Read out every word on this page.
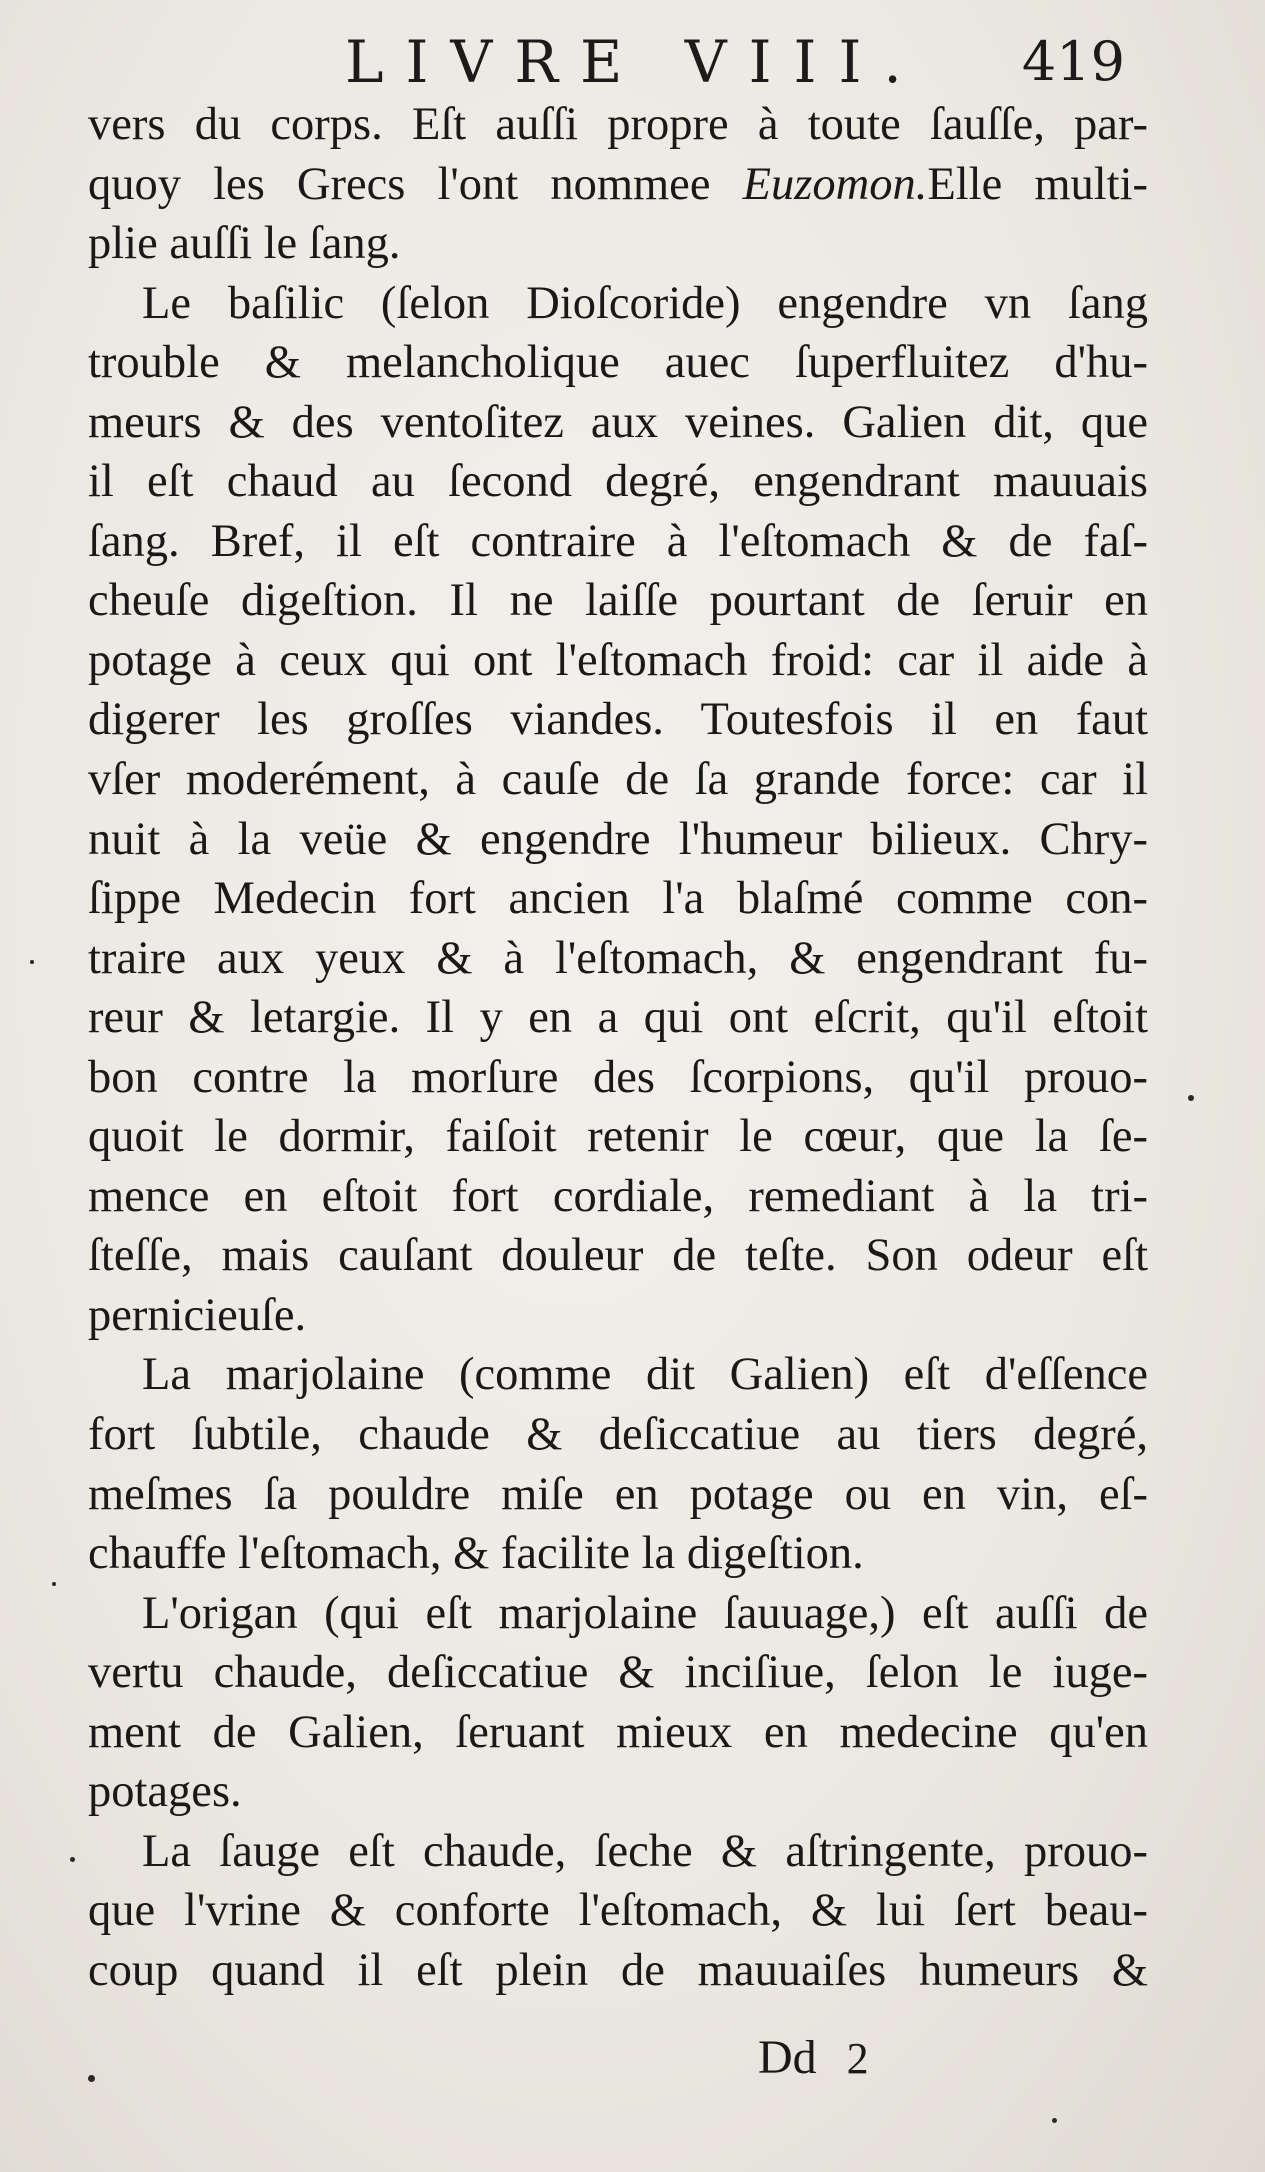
LIVRE VIII. 419
vers du corps. Eſt auſſi propre à toute ſauſſe, par-
quoy les Grecs l'ont nommee Euzomon.Elle multi-
plie auſſi le ſang.
Le baſilic (ſelon Dioſcoride) engendre vn ſang
trouble & melancholique auec ſuperfluitez d'hu-
meurs & des ventoſitez aux veines. Galien dit, que
il eſt chaud au ſecond degré, engendrant mauuais
ſang. Bref, il eſt contraire à l'eſtomach & de faſ-
cheuſe digeſtion. Il ne laiſſe pourtant de ſeruir en
potage à ceux qui ont l'eſtomach froid: car il aide à
digerer les groſſes viandes. Toutesfois il en faut
vſer moderément, à cauſe de ſa grande force: car il
nuit à la veüe & engendre l'humeur bilieux. Chry-
ſippe Medecin fort ancien l'a blaſmé comme con-
traire aux yeux & à l'eſtomach, & engendrant fu-
reur & letargie. Il y en a qui ont eſcrit, qu'il eſtoit
bon contre la morſure des ſcorpions, qu'il prouo-
quoit le dormir, faiſoit retenir le cœur, que la ſe-
mence en eſtoit fort cordiale, remediant à la tri-
ſteſſe, mais cauſant douleur de teſte. Son odeur eſt
pernicieuſe.
La marjolaine (comme dit Galien) eſt d'eſſence
fort ſubtile, chaude & deſiccatiue au tiers degré,
meſmes ſa pouldre miſe en potage ou en vin, eſ-
chauffe l'eſtomach, & facilite la digeſtion.
L'origan (qui eſt marjolaine ſauuage,) eſt auſſi de
vertu chaude, deſiccatiue & inciſiue, ſelon le iuge-
ment de Galien, ſeruant mieux en medecine qu'en
potages.
La ſauge eſt chaude, ſeche & aſtringente, prouo-
que l'vrine & conforte l'eſtomach, & lui ſert beau-
coup quand il eſt plein de mauuaiſes humeurs &
Dd 2
